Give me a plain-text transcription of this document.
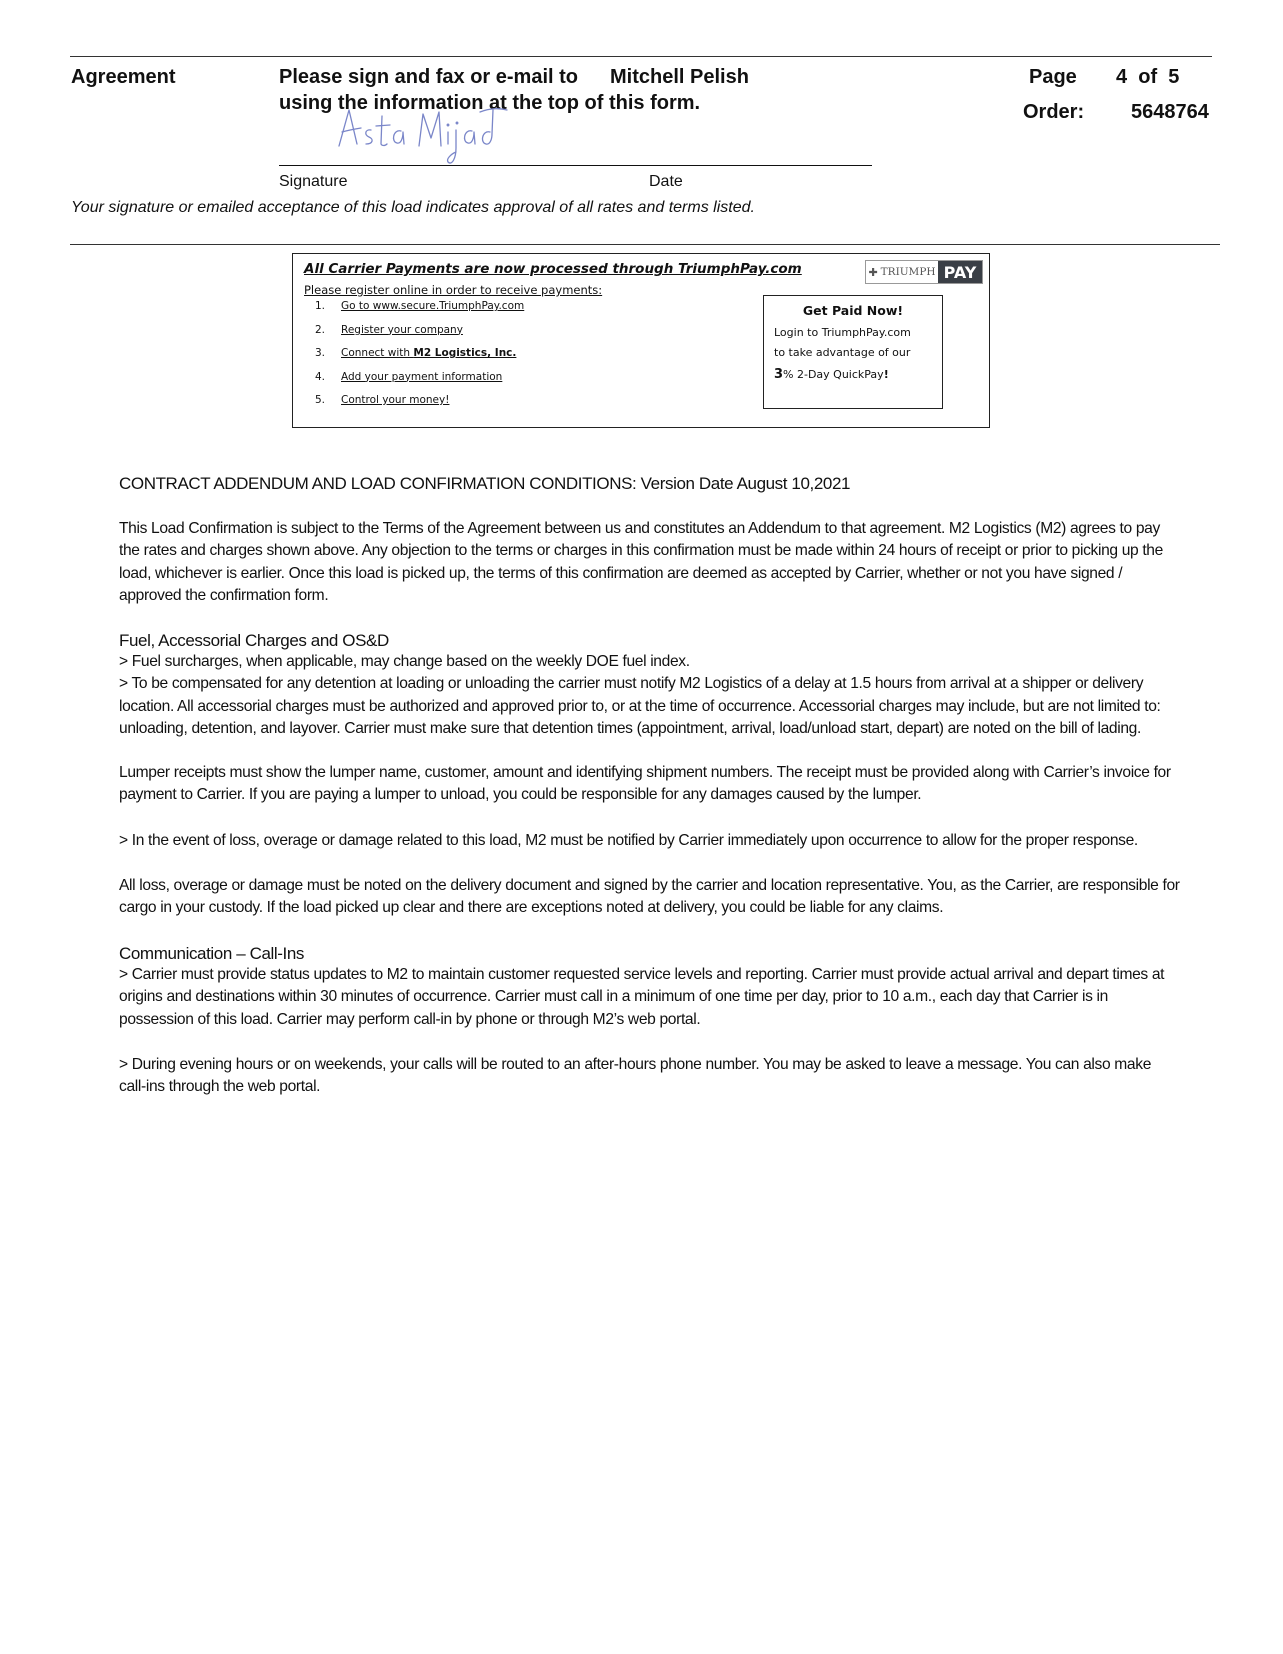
Agreement	Please sign and fax or e-mail to Mitchell Pelish
using the information at the top of this form.
Page 4  of  5
Order: 5648764
Signature	Date
Your signature or emailed acceptance of this load indicates approval of all rates and terms listed.
All Carrier Payments are now processed through TriumphPay.com
Please register online in order to receive payments:
1.	Go to www.secure.TriumphPay.com
2.	Register your company
3.	Connect with M2 Logistics, Inc.
4.	Add your payment information
5.	Control your money!
✚ TRIUMPH PAY
Get Paid Now!
Login to TriumphPay.com
to take advantage of our
3% 2-Day QuickPay!
CONTRACT ADDENDUM AND LOAD CONFIRMATION CONDITIONS: Version Date August 10,2021

This Load Confirmation is subject to the Terms of the Agreement between us and constitutes an Addendum to that agreement. M2 Logistics (M2) agrees to pay the rates and charges shown above. Any objection to the terms or charges in this confirmation must be made within 24 hours of receipt or prior to picking up the load, whichever is earlier. Once this load is picked up, the terms of this confirmation are deemed as accepted by Carrier, whether or not you have signed / approved the confirmation form.

Fuel, Accessorial Charges and OS&D

> Fuel surcharges, when applicable, may change based on the weekly DOE fuel index.

> To be compensated for any detention at loading or unloading the carrier must notify M2 Logistics of a delay at 1.5 hours from arrival at a shipper or delivery location. All accessorial charges must be authorized and approved prior to, or at the time of occurrence. Accessorial charges may include, but are not limited to: unloading, detention, and layover. Carrier must make sure that detention times (appointment, arrival, load/unload start, depart) are noted on the bill of lading.

Lumper receipts must show the lumper name, customer, amount and identifying shipment numbers. The receipt must be provided along with Carrier’s invoice for payment to Carrier. If you are paying a lumper to unload, you could be responsible for any damages caused by the lumper.

> In the event of loss, overage or damage related to this load, M2 must be notified by Carrier immediately upon occurrence to allow for the proper response.

All loss, overage or damage must be noted on the delivery document and signed by the carrier and location representative. You, as the Carrier, are responsible for cargo in your custody. If the load picked up clear and there are exceptions noted at delivery, you could be liable for any claims.

Communication – Call-Ins

> Carrier must provide status updates to M2 to maintain customer requested service levels and reporting. Carrier must provide actual arrival and depart times at origins and destinations within 30 minutes of occurrence. Carrier must call in a minimum of one time per day, prior to 10 a.m., each day that Carrier is in possession of this load. Carrier may perform call-in by phone or through M2’s web portal.

> During evening hours or on weekends, your calls will be routed to an after-hours phone number. You may be asked to leave a message. You can also make call-ins through the web portal.
